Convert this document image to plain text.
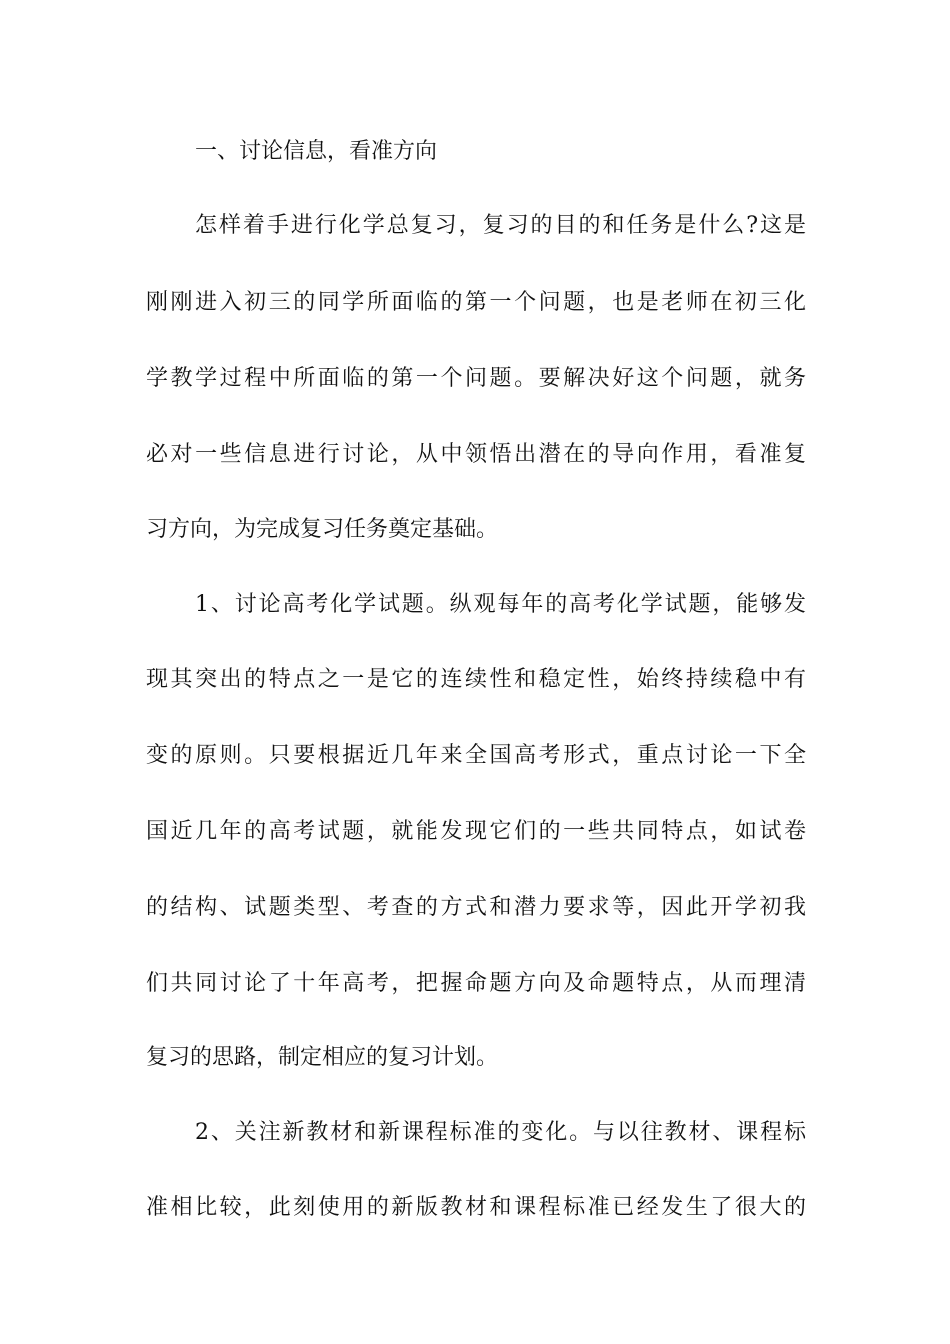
一、讨论信息，看准方向
怎样着手进行化学总复习，复习的目的和任务是什么?这是
刚刚进入初三的同学所面临的第一个问题，也是老师在初三化
学教学过程中所面临的第一个问题。要解决好这个问题，就务
必对一些信息进行讨论，从中领悟出潜在的导向作用，看准复
习方向，为完成复习任务奠定基础。
1、讨论高考化学试题。纵观每年的高考化学试题，能够发
现其突出的特点之一是它的连续性和稳定性，始终持续稳中有
变的原则。只要根据近几年来全国高考形式，重点讨论一下全
国近几年的高考试题，就能发现它们的一些共同特点，如试卷
的结构、试题类型、考查的方式和潜力要求等，因此开学初我
们共同讨论了十年高考，把握命题方向及命题特点，从而理清
复习的思路，制定相应的复习计划。
2、关注新教材和新课程标准的变化。与以往教材、课程标
准相比较，此刻使用的新版教材和课程标准已经发生了很大的
